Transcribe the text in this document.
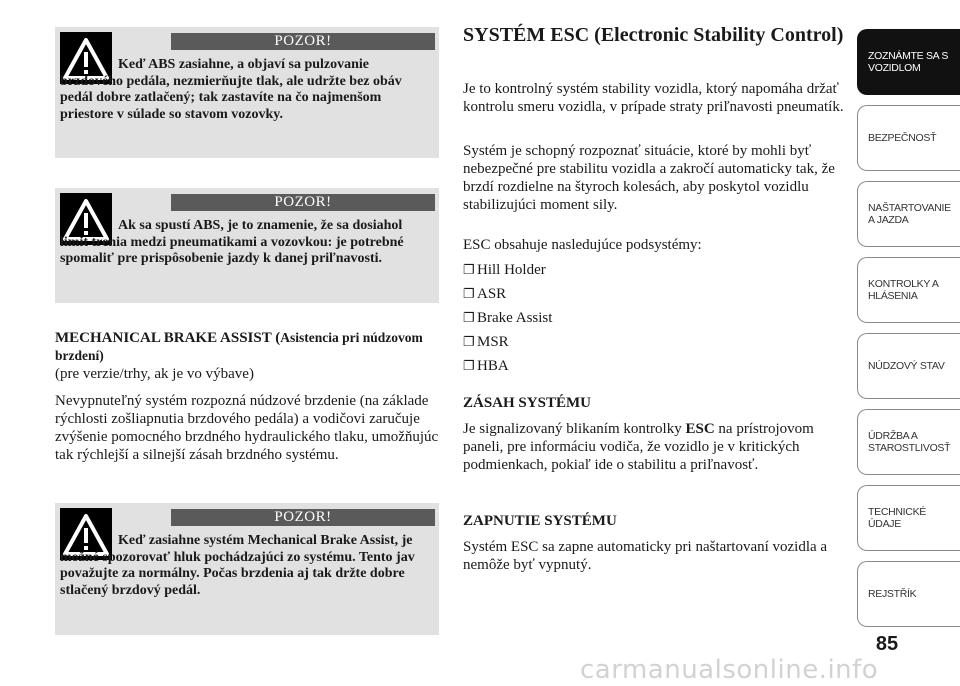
POZOR!

Keď ABS zasiahne, a objaví sa pulzovanie brzdového pedála, nezmierňujte tlak, ale udržte bez obáv pedál dobre zatlačený; tak zastavíte na čo najmenšom priestore v súlade so stavom vozovky.

POZOR!

Ak sa spustí ABS, je to znamenie, že sa dosiahol limit trenia medzi pneumatikami a vozovkou: je potrebné spomaliť pre prispôsobenie jazdy k danej priľnavosti.

MECHANICAL BRAKE ASSIST (Asistencia pri núdzovom brzdení)

(pre verzie/trhy, ak je vo výbave)

Nevypnuteľný systém rozpozná núdzové brzdenie (na základe rýchlosti zošliapnutia brzdového pedála) a vodičovi zaručuje zvýšenie pomocného brzdného hydraulického tlaku, umožňujúc tak rýchlejší a silnejší zásah brzdného systému.

POZOR!

Keď zasiahne systém Mechanical Brake Assist, je možné spozorovať hluk pochádzajúci zo systému. Tento jav považujte za normálny. Počas brzdenia aj tak držte dobre stlačený brzdový pedál.

SYSTÉM ESC (Electronic Stability Control)

Je to kontrolný systém stability vozidla, ktorý napomáha držať kontrolu smeru vozidla, v prípade straty priľnavosti pneumatík.

Systém je schopný rozpoznať situácie, ktoré by mohli byť nebezpečné pre stabilitu vozidla a zakročí automaticky tak, že brzdí rozdielne na štyroch kolesách, aby poskytol vozidlu stabilizujúci moment sily.

ESC obsahuje nasledujúce podsystémy:

❐ Hill Holder
❐ ASR
❐ Brake Assist
❐ MSR
❐ HBA
ZÁSAH SYSTÉMU

Je signalizovaný blikaním kontrolky ESC na prístrojovom paneli, pre informáciu vodiča, že vozidlo je v kritických podmienkach, pokiaľ ide o stabilitu a priľnavosť.

ZAPNUTIE SYSTÉMU

Systém ESC sa zapne automaticky pri naštartovaní vozidla a nemôže byť vypnutý.

ZOZNÁMTE SA S VOZIDLOM
BEZPEČNOSŤ
NAŠTARTOVANIE A JAZDA
KONTROLKY A HLÁSENIA
NÚDZOVÝ STAV
ÚDRŽBA A STAROSTLIVOSŤ
TECHNICKÉ ÚDAJE
REJSTŘÍK
85
carmanualsonline.info
